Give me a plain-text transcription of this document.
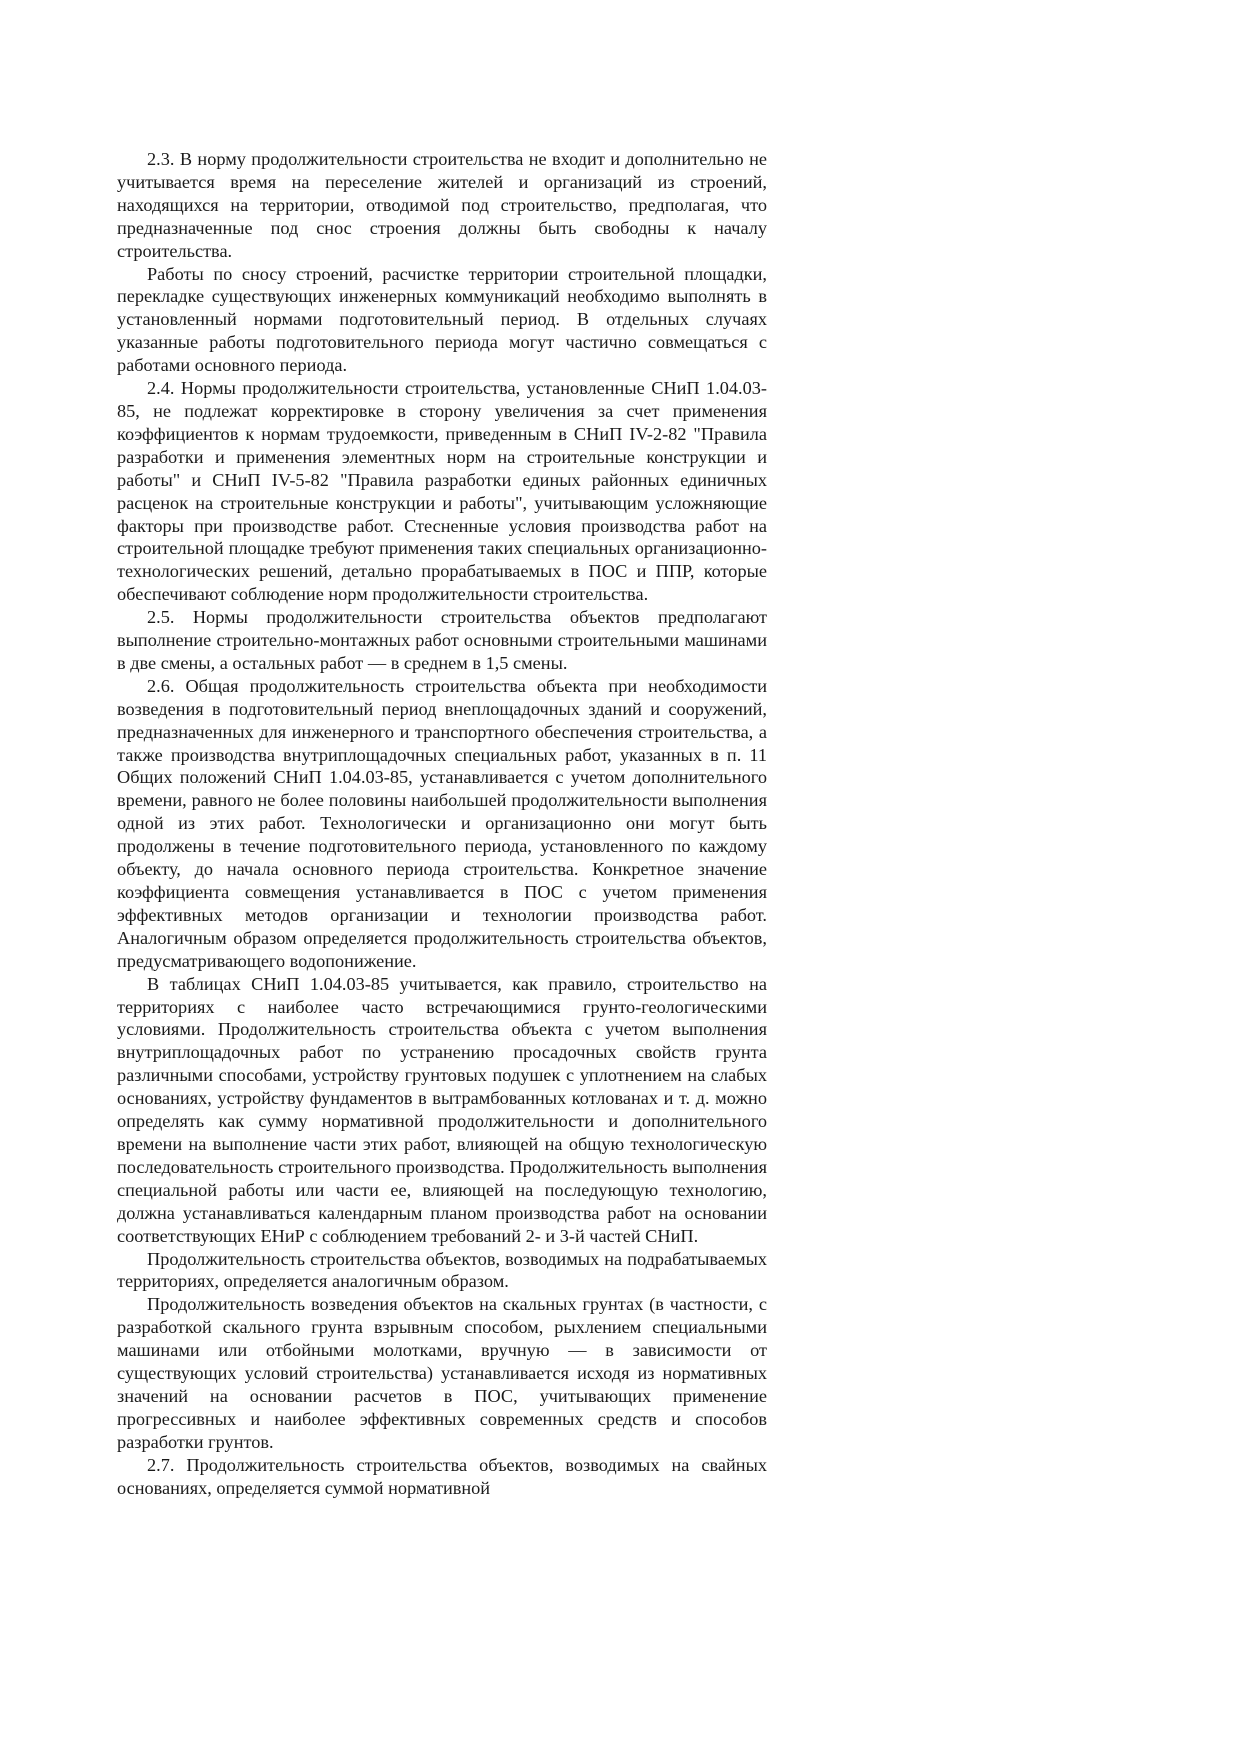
2.3. В норму продолжительности строительства не входит и дополнительно не учитывается время на переселение жителей и организаций из строений, находящихся на территории, отводимой под строительство, предполагая, что предназначенные под снос строения должны быть свободны к началу строительства.

Работы по сносу строений, расчистке территории строительной площадки, перекладке существующих инженерных коммуникаций необходимо выполнять в установленный нормами подготовительный период. В отдельных случаях указанные работы подготовительного периода могут частично совмещаться с работами основного периода.

2.4. Нормы продолжительности строительства, установленные СНиП 1.04.03-85, не подлежат корректировке в сторону увеличения за счет применения коэффициентов к нормам трудоемкости, приведенным в СНиП IV-2-82 "Правила разработки и применения элементных норм на строительные конструкции и работы" и СНиП IV-5-82 "Правила разработки единых районных единичных расценок на строительные конструкции и работы", учитывающим усложняющие факторы при производстве работ. Стесненные условия производства работ на строительной площадке требуют применения таких специальных организационно-технологических решений, детально прорабатываемых в ПОС и ППР, которые обеспечивают соблюдение норм продолжительности строительства.

2.5. Нормы продолжительности строительства объектов предполагают выполнение строительно-монтажных работ основными строительными машинами в две смены, а остальных работ — в среднем в 1,5 смены.

2.6. Общая продолжительность строительства объекта при необходимости возведения в подготовительный период внеплощадочных зданий и сооружений, предназначенных для инженерного и транспортного обеспечения строительства, а также производства внутриплощадочных специальных работ, указанных в п. 11 Общих положений СНиП 1.04.03-85, устанавливается с учетом дополнительного времени, равного не более половины наибольшей продолжительности выполнения одной из этих работ. Технологически и организационно они могут быть продолжены в течение подготовительного периода, установленного по каждому объекту, до начала основного периода строительства. Конкретное значение коэффициента совмещения устанавливается в ПОС с учетом применения эффективных методов организации и технологии производства работ. Аналогичным образом определяется продолжительность строительства объектов, предусматривающего водопонижение.

В таблицах СНиП 1.04.03-85 учитывается, как правило, строительство на территориях с наиболее часто встречающимися грунто-геологическими условиями. Продолжительность строительства объекта с учетом выполнения внутриплощадочных работ по устранению просадочных свойств грунта различными способами, устройству грунтовых подушек с уплотнением на слабых основаниях, устройству фундаментов в вытрамбованных котлованах и т. д. можно определять как сумму нормативной продолжительности и дополнительного времени на выполнение части этих работ, влияющей на общую технологическую последовательность строительного производства. Продолжительность выполнения специальной работы или части ее, влияющей на последующую технологию, должна устанавливаться календарным планом производства работ на основании соответствующих ЕНиР с соблюдением требований 2- и 3-й частей СНиП.

Продолжительность строительства объектов, возводимых на подрабатываемых территориях, определяется аналогичным образом.

Продолжительность возведения объектов на скальных грунтах (в частности, с разработкой скального грунта взрывным способом, рыхлением специальными машинами или отбойными молотками, вручную — в зависимости от существующих условий строительства) устанавливается исходя из нормативных значений на основании расчетов в ПОС, учитывающих применение прогрессивных и наиболее эффективных современных средств и способов разработки грунтов.

2.7. Продолжительность строительства объектов, возводимых на свайных основаниях, определяется суммой нормативной
